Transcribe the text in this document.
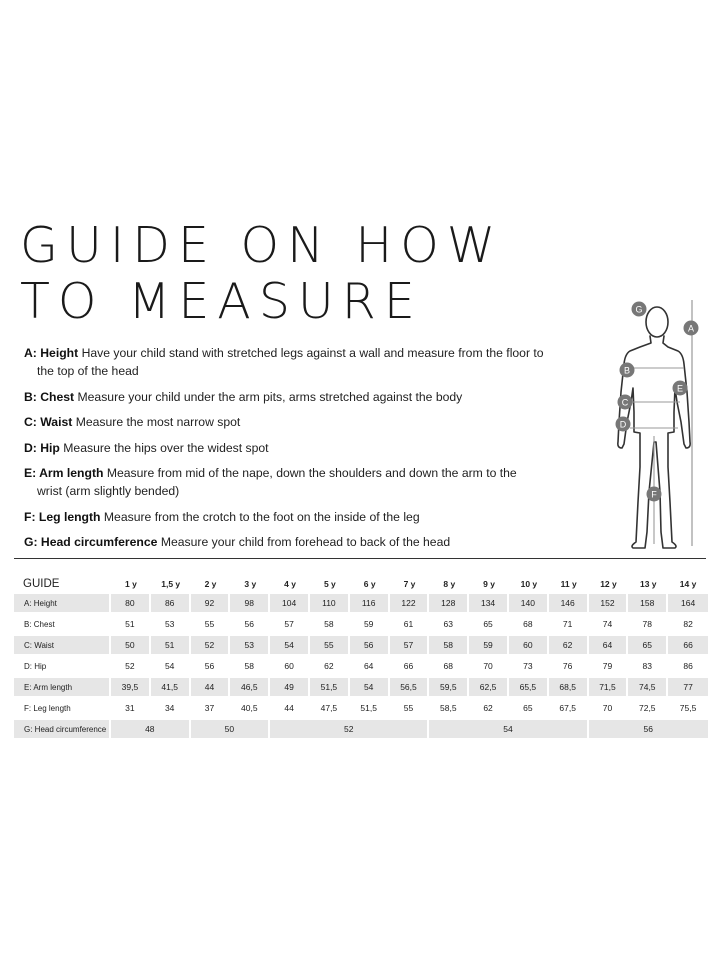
GUIDE ON HOW
TO MEASURE
A: Height Have your child stand with stretched legs against a wall and measure from the floor to the top of the head
B: Chest Measure your child under the arm pits, arms stretched against the body
C: Waist Measure the most narrow spot
D: Hip Measure the hips over the widest spot
E: Arm length Measure from mid of the nape, down the shoulders and down the arm to the wrist (arm slightly bended)
F: Leg length Measure from the crotch to the foot on the inside of the leg
G: Head circumference Measure your child from forehead to back of the head
G
A
B
E
C
D
F
GUIDE	1 y	1,5 y	2 y	3 y	4 y	5 y	6 y	7 y	8 y	9 y	10 y	11 y	12 y	13 y	14 y
A: Height	80	86	92	98	104	110	116	122	128	134	140	146	152	158	164
B: Chest	51	53	55	56	57	58	59	61	63	65	68	71	74	78	82
C: Waist	50	51	52	53	54	55	56	57	58	59	60	62	64	65	66
D: Hip	52	54	56	58	60	62	64	66	68	70	73	76	79	83	86
E: Arm length	39,5	41,5	44	46,5	49	51,5	54	56,5	59,5	62,5	65,5	68,5	71,5	74,5	77
F: Leg length	31	34	37	40,5	44	47,5	51,5	55	58,5	62	65	67,5	70	72,5	75,5
G: Head circumference	48		50		52				54				56		
